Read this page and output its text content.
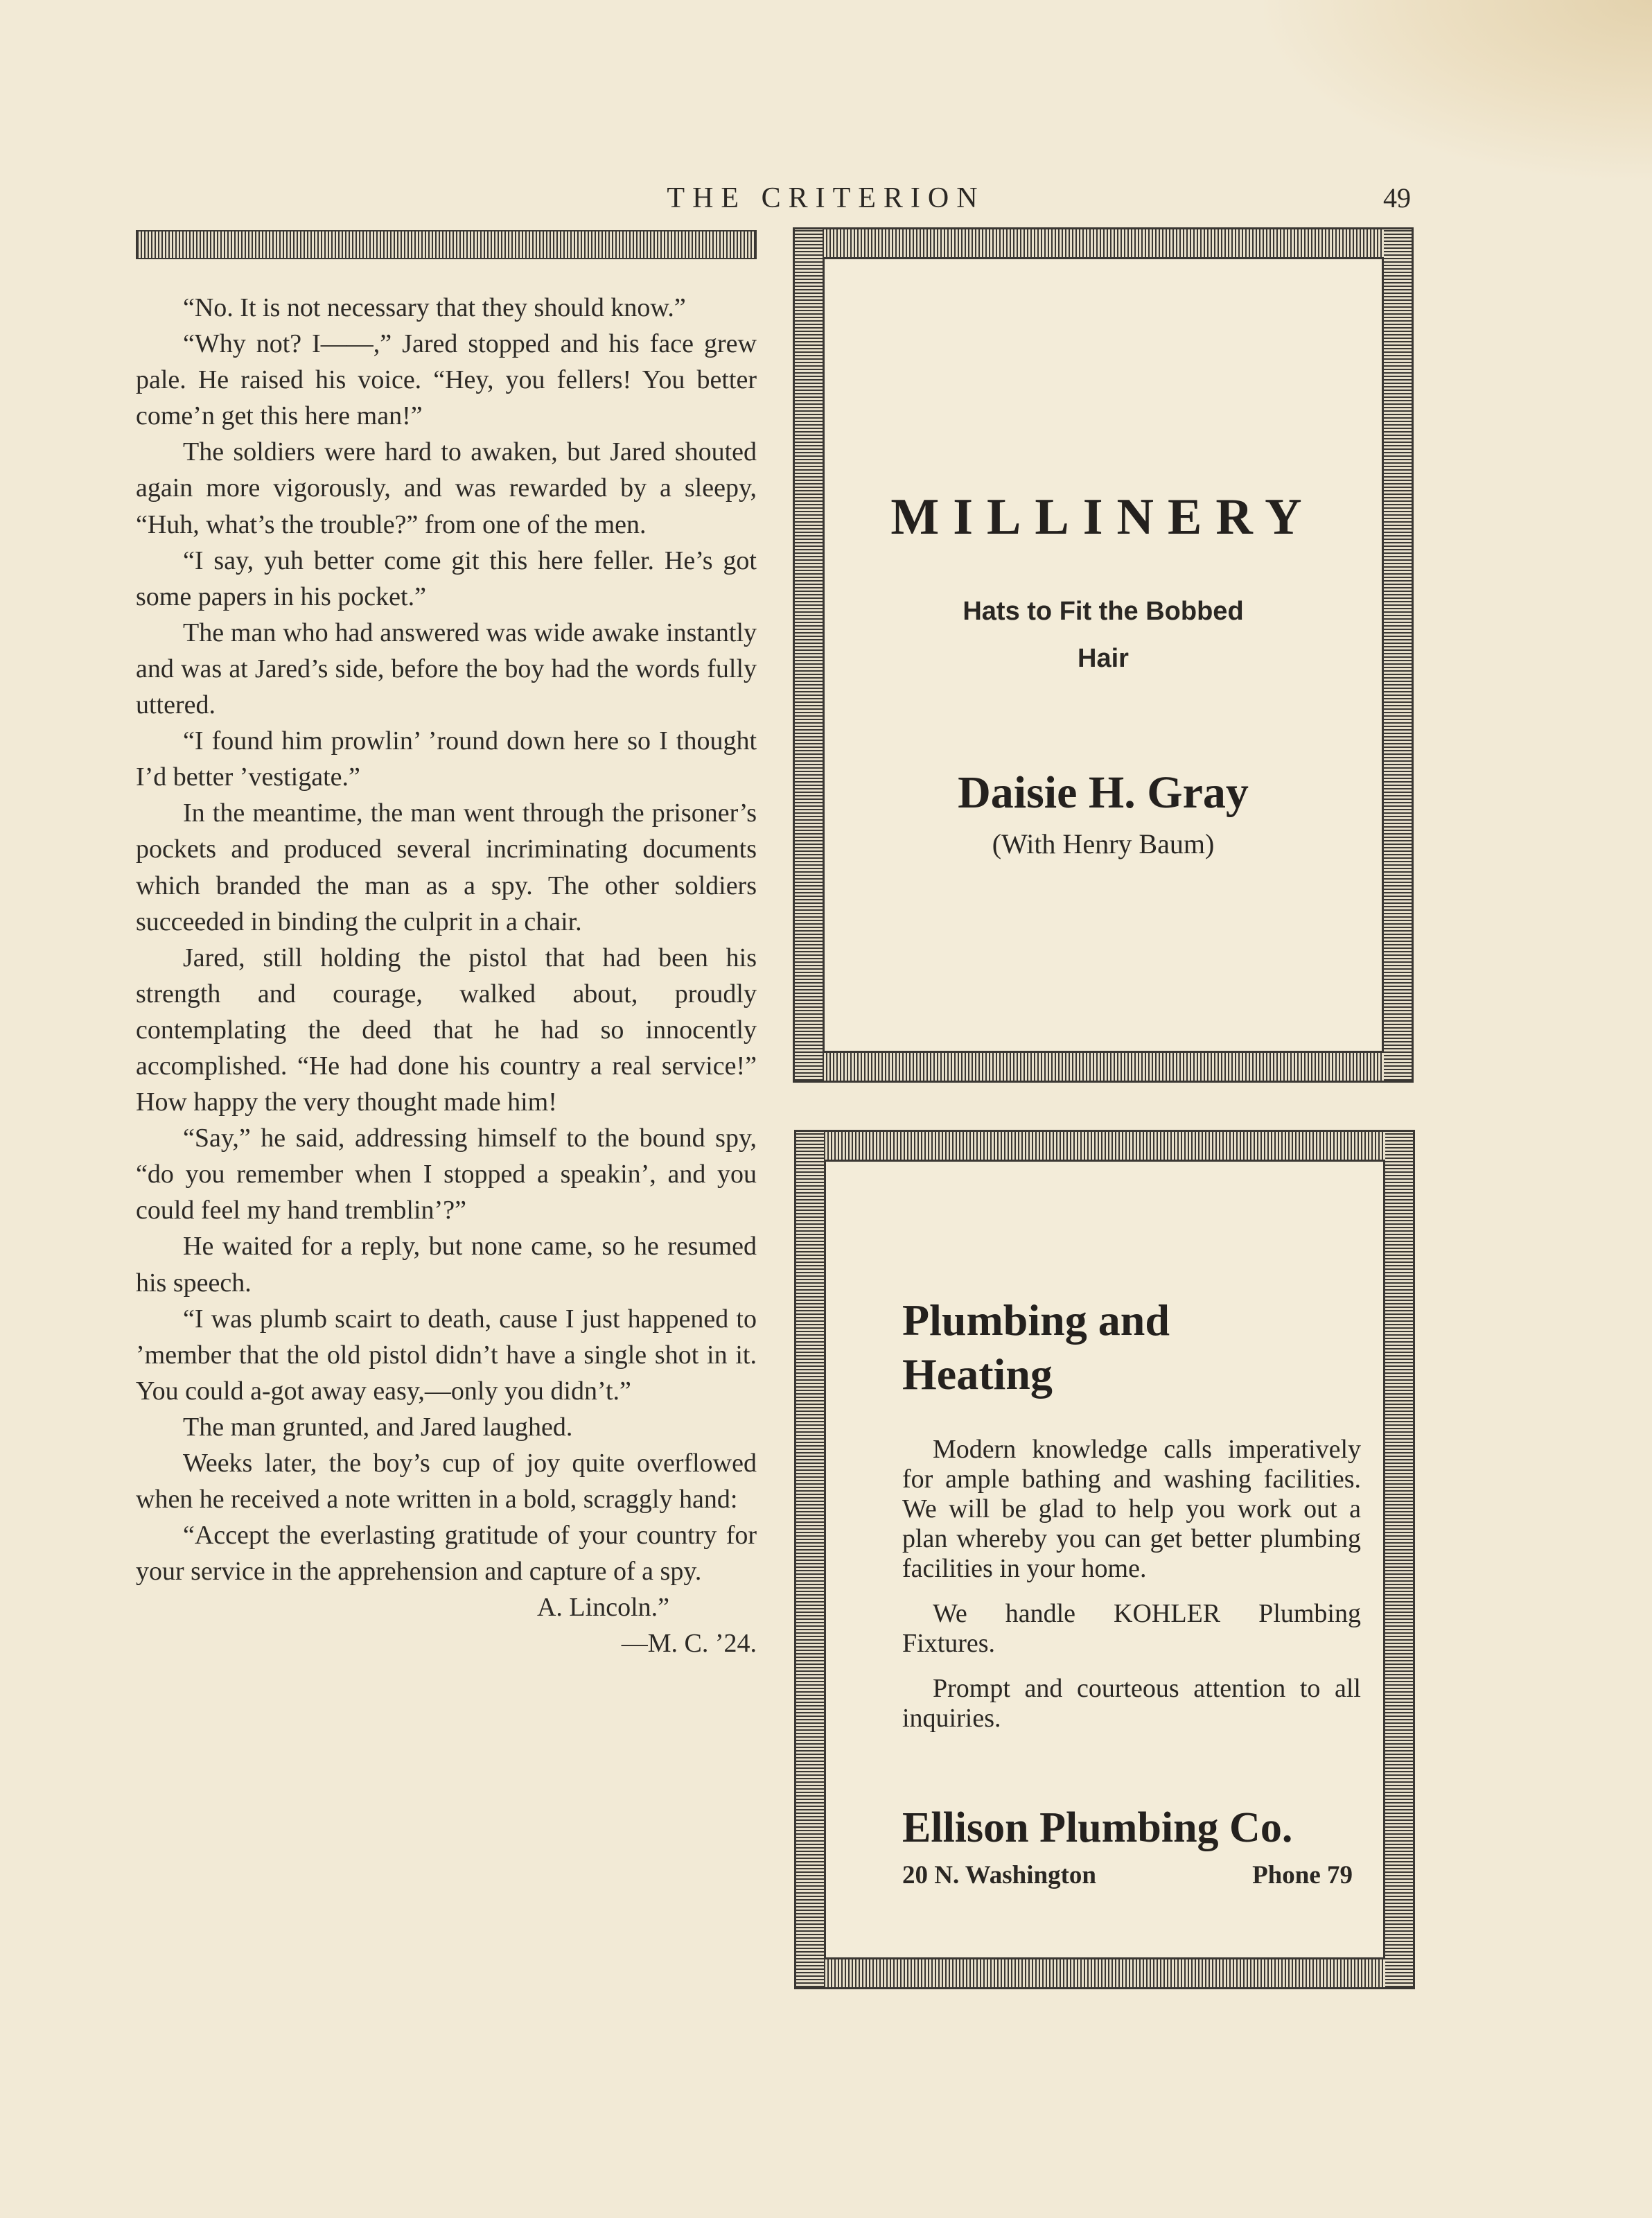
THE CRITERION	49

“No. It is not necessary that they should know.”

“Why not? I——,” Jared stopped and his face grew pale. He raised his voice. “Hey, you fellers! You better come’n get this here man!”

The soldiers were hard to awaken, but Jared shouted again more vigorously, and was rewarded by a sleepy, “Huh, what’s the trouble?” from one of the men.

“I say, yuh better come git this here feller. He’s got some papers in his pocket.”

The man who had answered was wide awake instantly and was at Jared’s side, before the boy had the words fully uttered.

“I found him prowlin’ ’round down here so I thought I’d better ’vestigate.”

In the meantime, the man went through the prisoner’s pockets and produced several incriminating documents which branded the man as a spy. The other soldiers succeeded in binding the culprit in a chair.

Jared, still holding the pistol that had been his strength and courage, walked about, proudly contemplating the deed that he had so innocently accomplished. “He had done his country a real service!” How happy the very thought made him!

“Say,” he said, addressing himself to the bound spy, “do you remember when I stopped a speakin’, and you could feel my hand tremblin’?”

He waited for a reply, but none came, so he resumed his speech.

“I was plumb scairt to death, cause I just happened to ’member that the old pistol didn’t have a single shot in it. You could a-got away easy,—only you didn’t.”

The man grunted, and Jared laughed.

Weeks later, the boy’s cup of joy quite overflowed when he received a note written in a bold, scraggly hand:

“Accept the everlasting gratitude of your country for your service in the apprehension and capture of a spy.

A. Lincoln.”

—M. C. ’24.

MILLINERY
Hats to Fit the Bobbed
Hair
Daisie H. Gray
(With Henry Baum)
Plumbing and
Heating

Modern knowledge calls imperatively for ample bathing and washing facilities. We will be glad to help you work out a plan whereby you can get better plumbing facilities in your home.

We handle KOHLER Plumbing Fixtures.

Prompt and courteous attention to all inquiries.

Ellison Plumbing Co.
20 N. Washington	Phone 79
